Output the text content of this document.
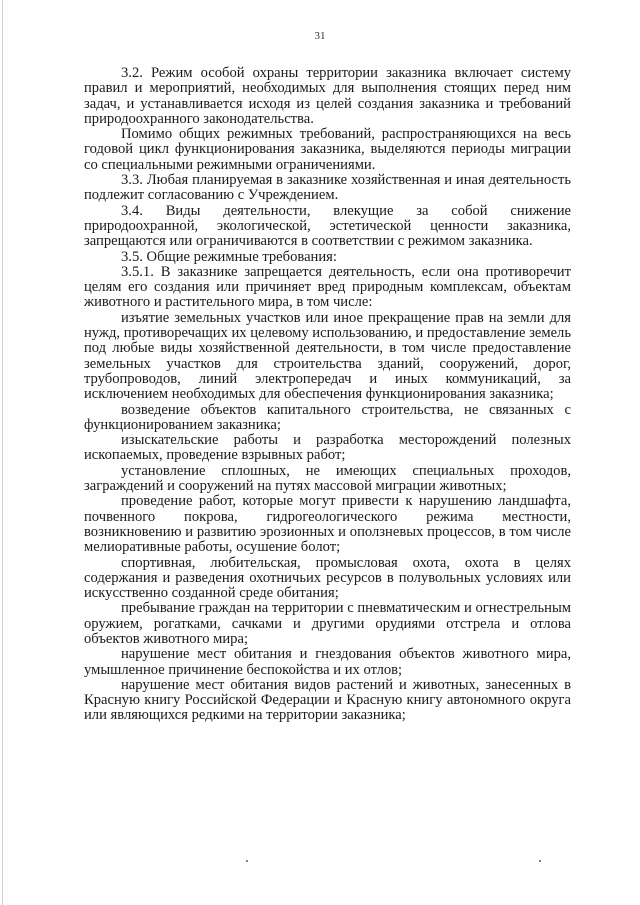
31

3.2. Режим особой охраны территории заказника включает систему правил и мероприятий, необходимых для выполнения стоящих перед ним задач, и устанавливается исходя из целей создания заказника и требований природоохранного законодательства.

Помимо общих режимных требований, распространяющихся на весь годовой цикл функционирования заказника, выделяются периоды миграции со специальными режимными ограничениями.

3.3. Любая планируемая в заказнике хозяйственная и иная деятельность подлежит согласованию с Учреждением.

3.4. Виды деятельности, влекущие за собой снижение природоохранной, экологической, эстетической ценности заказника, запрещаются или ограничиваются в соответствии с режимом заказника.

3.5. Общие режимные требования:

3.5.1. В заказнике запрещается деятельность, если она противоречит целям его создания или причиняет вред природным комплексам, объектам животного и растительного мира, в том числе:

изъятие земельных участков или иное прекращение прав на земли для нужд, противоречащих их целевому использованию, и предоставление земель под любые виды хозяйственной деятельности, в том числе предоставление земельных участков для строительства зданий, сооружений, дорог, трубопроводов, линий электропередач и иных коммуникаций, за исключением необходимых для обеспечения функционирования заказника;

возведение объектов капитального строительства, не связанных с функционированием заказника;

изыскательские работы и разработка месторождений полезных ископаемых, проведение взрывных работ;

установление сплошных, не имеющих специальных проходов, заграждений и сооружений на путях массовой миграции животных;

проведение работ, которые могут привести к нарушению ландшафта, почвенного покрова, гидрогеологического режима местности, возникновению и развитию эрозионных и оползневых процессов, в том числе мелиоративные работы, осушение болот;

спортивная, любительская, промысловая охота, охота в целях содержания и разведения охотничьих ресурсов в полувольных условиях или искусственно созданной среде обитания;

пребывание граждан на территории с пневматическим и огнестрельным оружием, рогатками, сачками и другими орудиями отстрела и отлова объектов животного мира;

нарушение мест обитания и гнездования объектов животного мира, умышленное причинение беспокойства и их отлов;

нарушение мест обитания видов растений и животных, занесенных в Красную книгу Российской Федерации и Красную книгу автономного округа или являющихся редкими на территории заказника;
